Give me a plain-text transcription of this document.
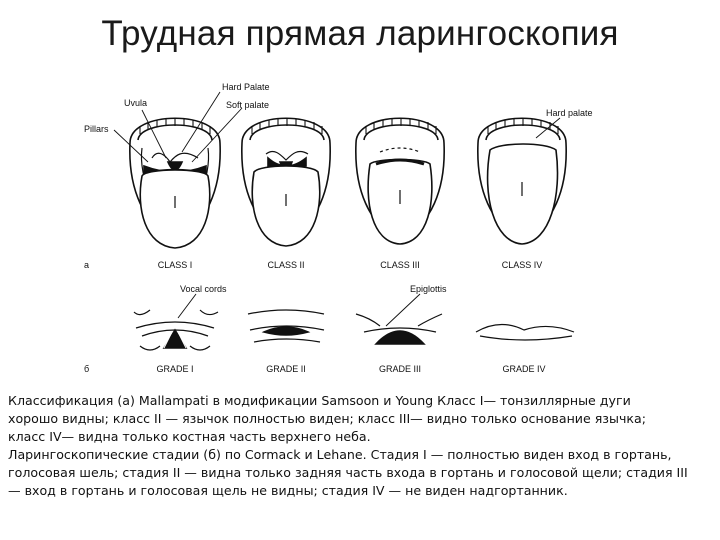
Трудная прямая ларингоскопия
Hard Palate
Uvula	Soft palate
Pillars
Hard palate
Vocal cords	Epiglottis
а
б
CLASS I	CLASS II	CLASS III	CLASS IV
GRADE I	GRADE II	GRADE III	GRADE IV

Классификация (а) Mallampati в модификации Samsoon и Young Класс I— тонзиллярные дуги

хорошо видны; класс II — язычок полностью виден; класс III— видно только основание язычка;

класс IV— видна только костная часть верхнего неба.

Ларингоскопические стадии (б) по Cormack и Lehane. Стадия I — полностью виден вход в гортань,

голосовая шель; стадия II — видна только задняя часть входа в гортань и голосовой щели; стадия III

— вход в гортань и голосовая щель не видны; стадия IV — не виден надгортанник.
